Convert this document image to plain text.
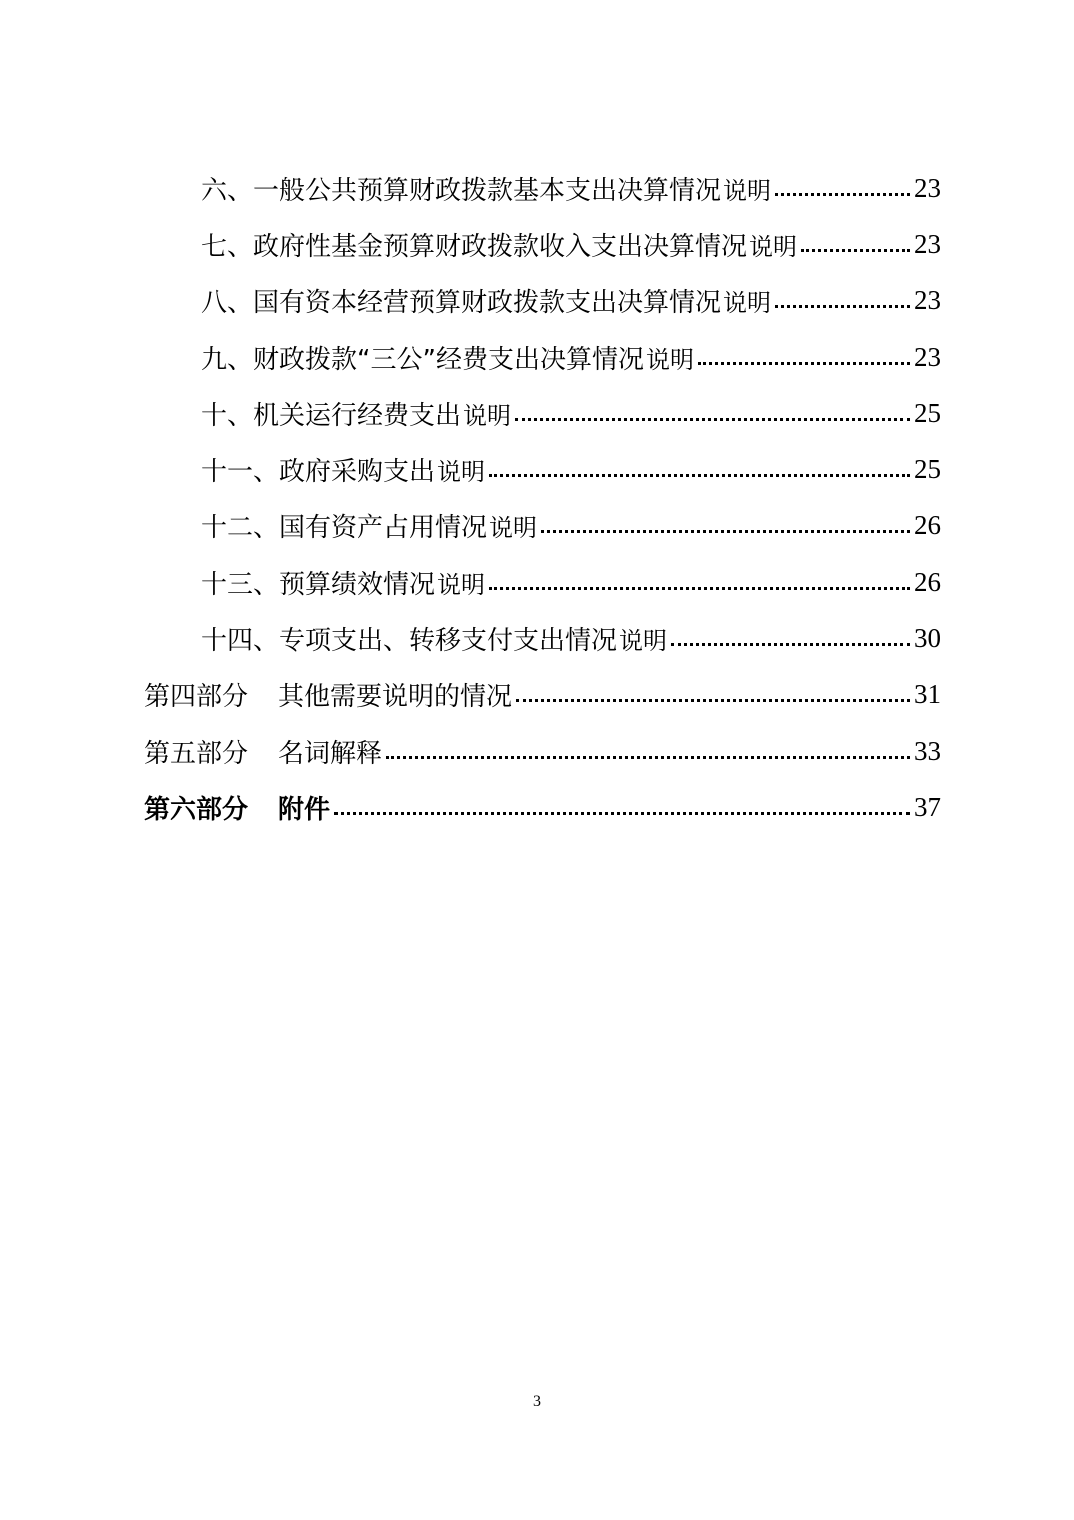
六、一般公共预算财政拨款基本支出决算情况 说明	23
七、政府性基金预算财政拨款收入支出决算情况 说明	23
八、国有资本经营预算财政拨款支出决算情况 说明	23
九、财政拨款“三公”经费支出决算情况 说明	23
十、机关运行经费支出 说明	25
十一、政府采购支出 说明	25
十二、国有资产占用情况 说明	26
十三、预算绩效情况 说明	26
十四、专项支出、转移支付支出情况 说明	30
第四部分 其他需要说明的情况	31
第五部分 名词解释	33
第六部分 附件	37
3
